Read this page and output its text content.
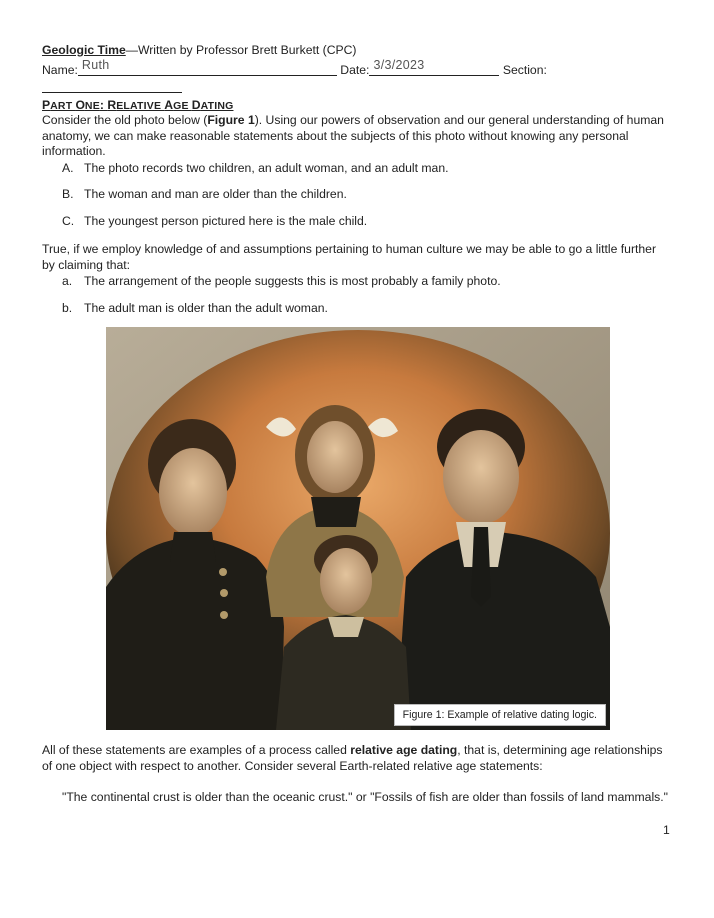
Geologic Time—Written by Professor Brett Burkett (CPC)
Name: Ruth	Date: 3/3/2023	Section:
PART ONE: RELATIVE AGE DATING
Consider the old photo below (Figure 1). Using our powers of observation and our general understanding of human anatomy, we can make reasonable statements about the subjects of this photo without knowing any personal information.
A. The photo records two children, an adult woman, and an adult man.
B. The woman and man are older than the children.
C. The youngest person pictured here is the male child.
True, if we employ knowledge of and assumptions pertaining to human culture we may be able to go a little further by claiming that:
a. The arrangement of the people suggests this is most probably a family photo.
b. The adult man is older than the adult woman.
Figure 1: Example of relative dating logic.
All of these statements are examples of a process called relative age dating, that is, determining age relationships of one object with respect to another. Consider several Earth-related relative age statements:
"The continental crust is older than the oceanic crust." or "Fossils of fish are older than fossils of land mammals."
1
